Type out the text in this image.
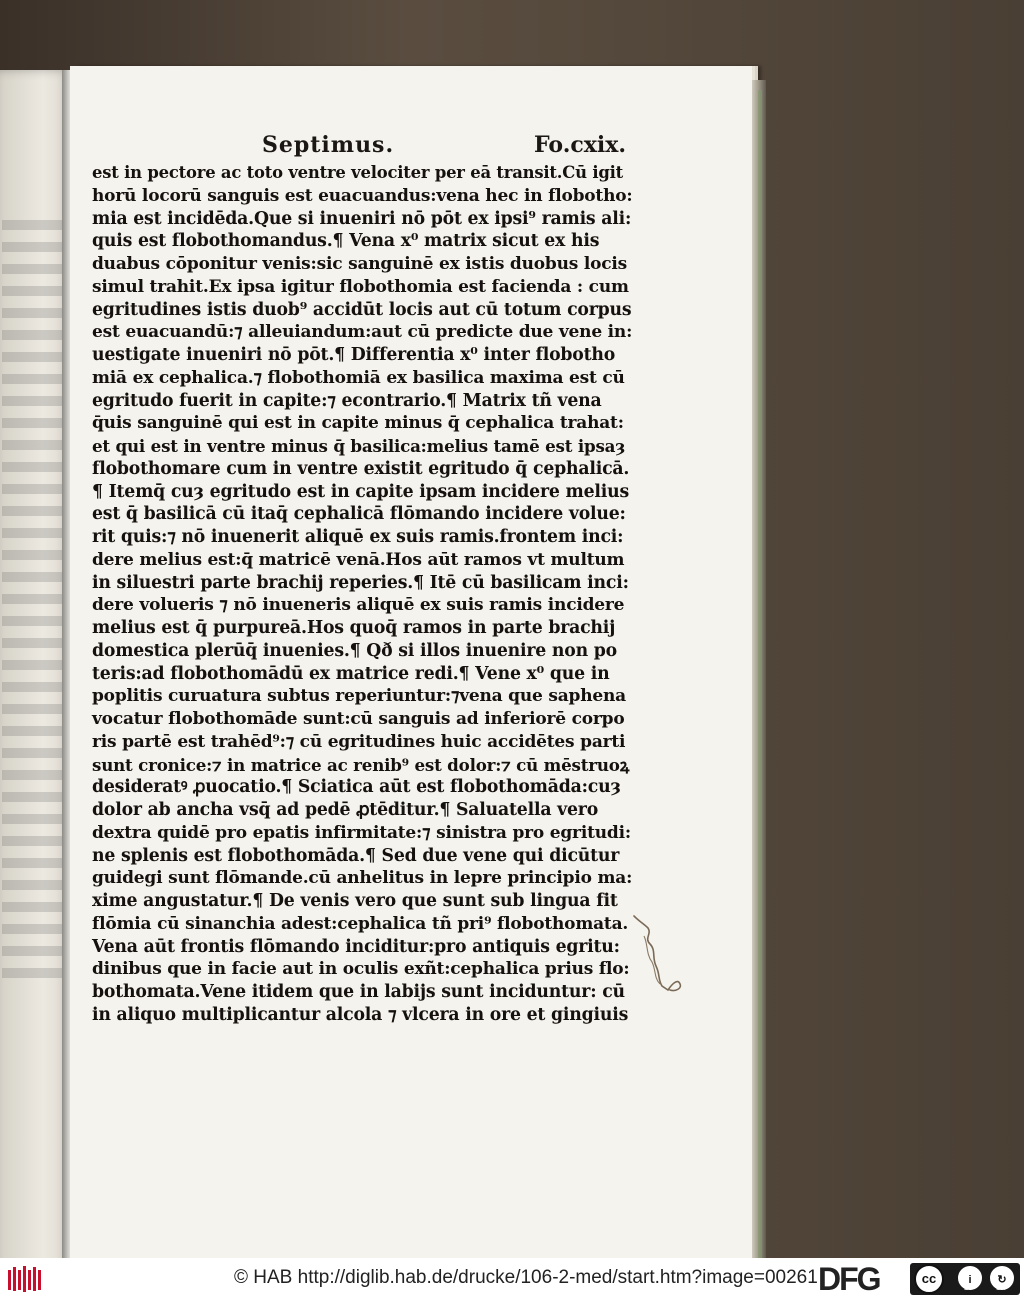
Septimus.	Fo.cxix.
est in pectore ac toto ventre velociter per eā transit.Cū igit
horū locorū sanguis est euacuandus:vena hec in flobotho:
mia est incidēda.Que si inueniri nō pōt ex ipsi⁹ ramis ali:
quis est flobothomandus.¶ Vena x⁰ matrix sicut ex his
duabus cōponitur venis:sic sanguinē ex istis duobus locis
simul trahit.Ex ipsa igitur flobothomia est facienda : cum
egritudines istis duob⁹ accidūt locis aut cū totum corpus
est euacuandū:⁊ alleuiandum:aut cū predicte due vene in:
uestigate inueniri nō pōt.¶ Differentia x⁰ inter flobotho
miā ex cephalica.⁊ flobothomiā ex basilica maxima est cū
egritudo fuerit in capite:⁊ econtrario.¶ Matrix tñ vena
q̄uis sanguinē qui est in capite minus q̄ cephalica trahat:
et qui est in ventre minus q̄ basilica:melius tamē est ipsaȝ
flobothomare cum in ventre existit egritudo q̄ cephalicā.
¶ Itemq̄ cuȝ egritudo est in capite ipsam incidere melius
est q̄ basilicā cū itaq̄ cephalicā flōmando incidere volue:
rit quis:⁊ nō inuenerit aliquē ex suis ramis.frontem inci:
dere melius est:q̄ matricē venā.Hos aūt ramos vt multum
in siluestri parte brachij reperies.¶ Itē cū basilicam inci:
dere volueris ⁊ nō inueneris aliquē ex suis ramis incidere
melius est q̄ purpureā.Hos quoq̄ ramos in parte brachij
domestica plerūq̄ inuenies.¶ Qð si illos inuenire non po
teris:ad flobothomādū ex matrice redi.¶ Vene x⁰ que in
poplitis curuatura subtus reperiuntur:⁊vena que saphena
vocatur flobothomāde sunt:cū sanguis ad inferiorē corpo
ris partē est trahēd⁹:⁊ cū egritudines huic accidētes parti
sunt cronice:⁊ in matrice ac renib⁹ est dolor:⁊ cū mēstruoꝝ
desideratꝰ ꝓuocatio.¶ Sciatica aūt est flobothomāda:cuȝ
dolor ab ancha vsq̄ ad pedē ꝓtēditur.¶ Saluatella vero
dextra quidē pro epatis infirmitate:⁊ sinistra pro egritudi:
ne splenis est flobothomāda.¶ Sed due vene qui dicūtur
guidegi sunt flōmande.cū anhelitus in lepre principio ma:
xime angustatur.¶ De venis vero que sunt sub lingua fit
flōmia cū sinanchia adest:cephalica tñ pri⁹ flobothomata.
Vena aūt frontis flōmando inciditur:pro antiquis egritu:
dinibus que in facie aut in oculis exñt:cephalica prius flo:
bothomata.Vene itidem que in labijs sunt inciduntur: cū
in aliquo multiplicantur alcola ⁊ vlcera in ore et gingiuis
© HAB http://diglib.hab.de/drucke/106-2-med/start.htm?image=00261 DFG	cc	i	↻
BY	SA
